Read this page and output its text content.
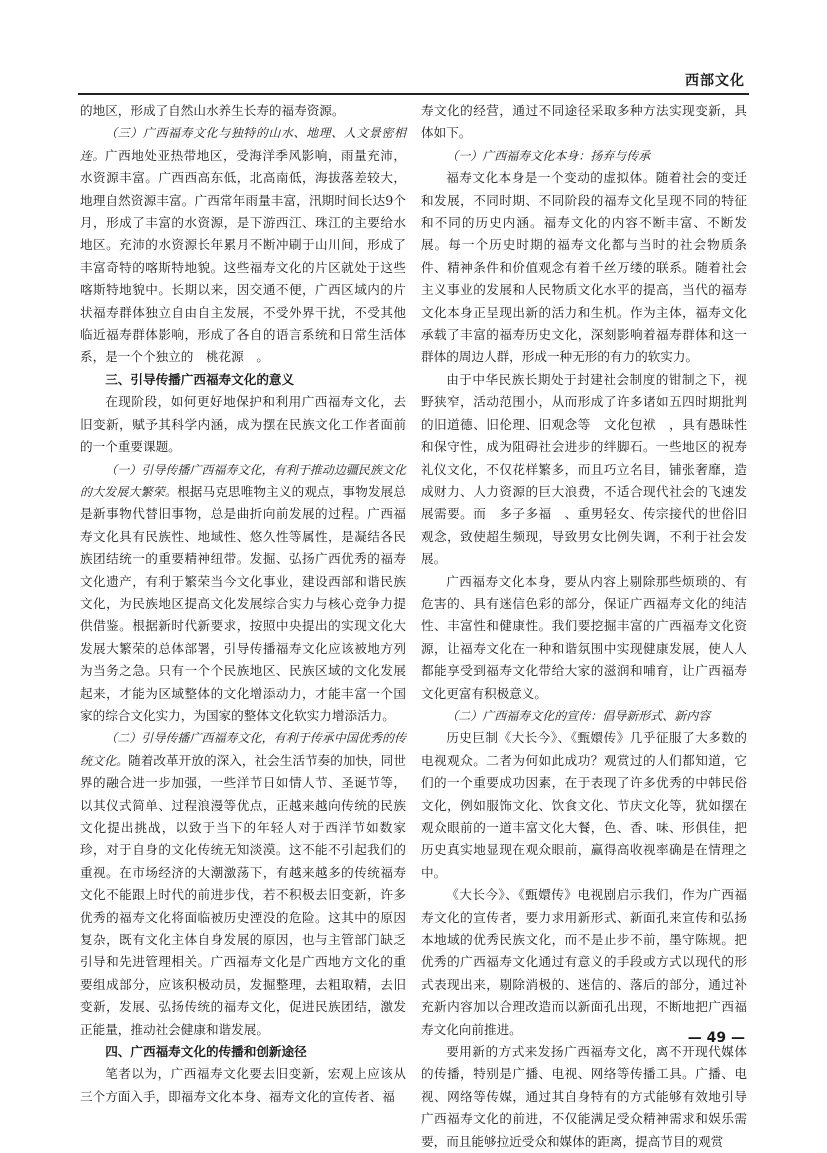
西部文化

的地区，形成了自然山水养生长寿的福寿资源。

（三）广西福寿文化与独特的山水、地理、人文景密相连。广西地处亚热带地区，受海洋季风影响，雨量充沛，水资源丰富。广西西高东低，北高南低，海拔落差较大，地理自然资源丰富。广西常年雨量丰富，汛期时间长达9个月，形成了丰富的水资源，是下游西江、珠江的主要给水地区。充沛的水资源长年累月不断冲刷于山川间，形成了丰富奇特的喀斯特地貌。这些福寿文化的片区就处于这些喀斯特地貌中。长期以来，因交通不便，广西区域内的片状福寿群体独立自由自主发展，不受外界干扰，不受其他临近福寿群体影响，形成了各自的语言系统和日常生活体系，是一个个独立的　桃花源　。

三、引导传播广西福寿文化的意义

在现阶段，如何更好地保护和利用广西福寿文化，去旧变新，赋予其科学内涵，成为摆在民族文化工作者面前的一个重要课题。

（一）引导传播广西福寿文化，有利于推动边疆民族文化的大发展大繁荣。根据马克思唯物主义的观点，事物发展总是新事物代替旧事物，总是曲折向前发展的过程。广西福寿文化具有民族性、地域性、悠久性等属性，是凝结各民族团结统一的重要精神纽带。发掘、弘扬广西优秀的福寿文化遗产，有利于繁荣当今文化事业，建设西部和谐民族文化，为民族地区提高文化发展综合实力与核心竞争力提供借鉴。根据新时代新要求，按照中央提出的实现文化大发展大繁荣的总体部署，引导传播福寿文化应该被地方列为当务之急。只有一个个民族地区、民族区域的文化发展起来，才能为区域整体的文化增添动力，才能丰富一个国家的综合文化实力，为国家的整体文化软实力增添活力。

（二）引导传播广西福寿文化，有利于传承中国优秀的传统文化。随着改革开放的深入，社会生活节奏的加快，同世界的融合进一步加强，一些洋节日如情人节、圣诞节等，以其仪式简单、过程浪漫等优点，正越来越向传统的民族文化提出挑战，以致于当下的年轻人对于西洋节如数家珍，对于自身的文化传统无知淡漠。这不能不引起我们的重视。在市场经济的大潮激荡下，有越来越多的传统福寿文化不能跟上时代的前进步伐，若不积极去旧变新，许多优秀的福寿文化将面临被历史湮没的危险。这其中的原因复杂，既有文化主体自身发展的原因，也与主管部门缺乏引导和先进管理相关。广西福寿文化是广西地方文化的重要组成部分，应该积极动员，发掘整理，去粗取精，去旧变新，发展、弘扬传统的福寿文化，促进民族团结，激发正能量，推动社会健康和谐发展。

四、广西福寿文化的传播和创新途径

笔者以为，广西福寿文化要去旧变新，宏观上应该从三个方面入手，即福寿文化本身、福寿文化的宣传者、福

寿文化的经营，通过不同途径采取多种方法实现变新，具体如下。

（一）广西福寿文化本身：扬弃与传承

福寿文化本身是一个变动的虚拟体。随着社会的变迁和发展，不同时期、不同阶段的福寿文化呈现不同的特征和不同的历史内涵。福寿文化的内容不断丰富、不断发展。每一个历史时期的福寿文化都与当时的社会物质条件、精神条件和价值观念有着千丝万缕的联系。随着社会主义事业的发展和人民物质文化水平的提高，当代的福寿文化本身正呈现出新的活力和生机。作为主体，福寿文化承载了丰富的福寿历史文化，深刻影响着福寿群体和这一群体的周边人群，形成一种无形的有力的软实力。

由于中华民族长期处于封建社会制度的钳制之下，视野狭窄，活动范围小，从而形成了许多诸如五四时期批判的旧道德、旧伦理、旧观念等　文化包袱　，具有愚昧性和保守性，成为阻碍社会进步的绊脚石。一些地区的祝寿礼仪文化，不仅花样繁多，而且巧立名目，铺张奢靡，造成财力、人力资源的巨大浪费，不适合现代社会的飞速发展需要。而　多子多福　、重男轻女、传宗接代的世俗旧观念，致使超生频现，导致男女比例失调，不利于社会发展。

广西福寿文化本身，要从内容上剔除那些烦琐的、有危害的、具有迷信色彩的部分，保证广西福寿文化的纯洁性、丰富性和健康性。我们要挖掘丰富的广西福寿文化资源，让福寿文化在一种和谐氛围中实现健康发展，使人人都能享受到福寿文化带给大家的滋润和哺育，让广西福寿文化更富有积极意义。

（二）广西福寿文化的宣传：倡导新形式、新内容

历史巨制《大长今》、《甄嬛传》几乎征服了大多数的电视观众。二者为何如此成功？观赏过的人们都知道，它们的一个重要成功因素，在于表现了许多优秀的中韩民俗文化，例如服饰文化、饮食文化、节庆文化等，犹如摆在观众眼前的一道丰富文化大餐，色、香、味、形俱佳，把历史真实地显现在观众眼前，赢得高收视率确是在情理之中。

《大长今》、《甄嬛传》电视剧启示我们，作为广西福寿文化的宣传者，要力求用新形式、新面孔来宣传和弘扬本地域的优秀民族文化，而不是止步不前，墨守陈规。把优秀的广西福寿文化通过有意义的手段或方式以现代的形式表现出来，剔除消极的、迷信的、落后的部分，通过补充新内容加以合理改造而以新面孔出现，不断地把广西福寿文化向前推进。

要用新的方式来发扬广西福寿文化，离不开现代媒体的传播，特别是广播、电视、网络等传播工具。广播、电视、网络等传媒，通过其自身特有的方式能够有效地引导广西福寿文化的前进，不仅能满足受众精神需求和娱乐需要，而且能够拉近受众和媒体的距离，提高节目的观赏

— 49 —
